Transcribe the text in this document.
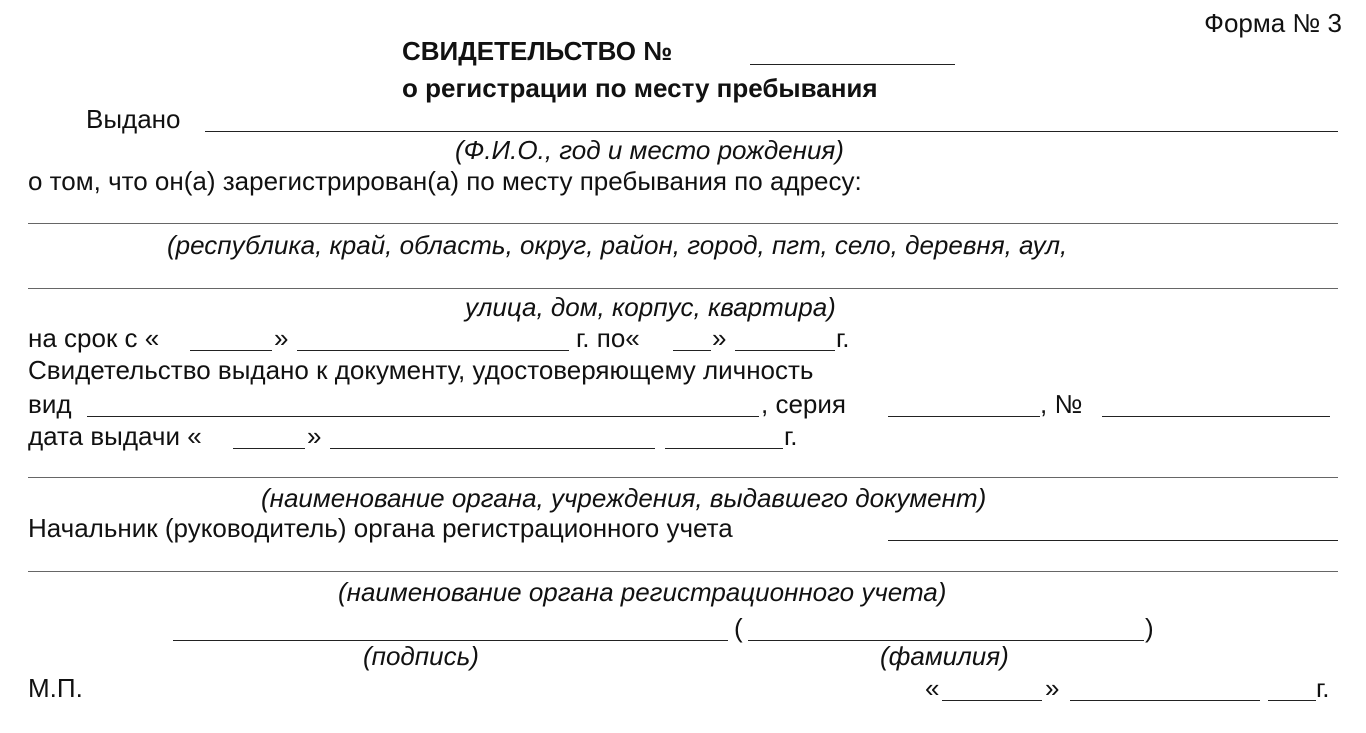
Форма № 3
СВИДЕТЕЛЬСТВО №
о регистрации по месту пребывания
Выдано
(Ф.И.О., год и место рождения)
о том, что он(а) зарегистрирован(а) по месту пребывания по адресу:
(республика, край, область, округ, район, город, пгт, село, деревня, аул,
улица, дом, корпус, квартира)
на срок с «	»	г. по«	»	г.
Свидетельство выдано к документу, удостоверяющему личность
вид	, серия	, №
дата выдачи «	»	г.
(наименование органа, учреждения, выдавшего документ)
Начальник (руководитель) органа регистрационного учета
(наименование органа регистрационного учета)
(	)
(подпись)	(фамилия)
М.П.	«	»	г.
